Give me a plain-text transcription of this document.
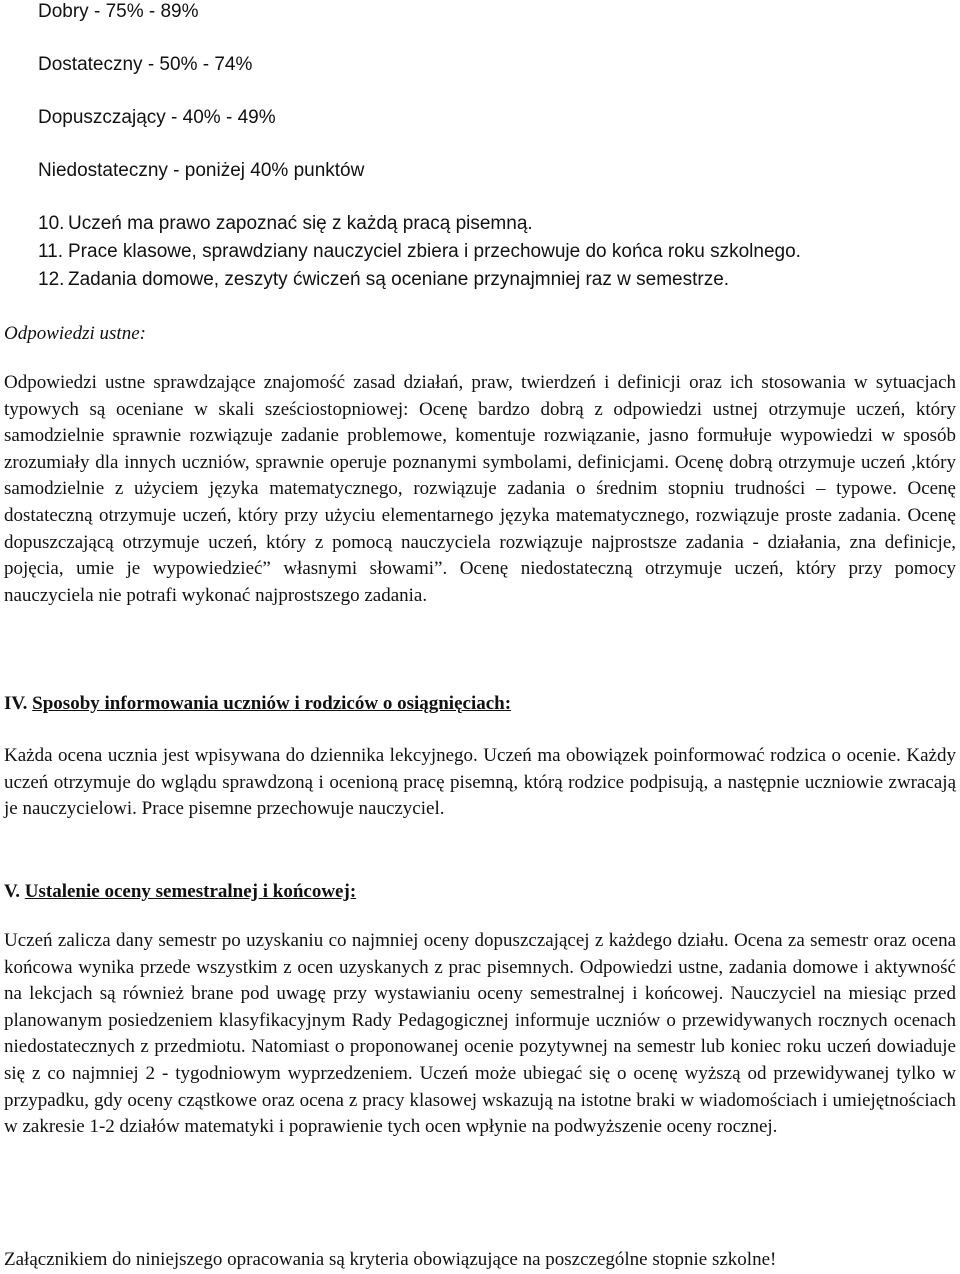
Dobry - 75% - 89%

Dostateczny - 50% - 74%

Dopuszczający - 40% - 49%

Niedostateczny - poniżej 40% punktów

10. Uczeń ma prawo zapoznać się z każdą pracą pisemną.

11. Prace klasowe, sprawdziany nauczyciel zbiera i przechowuje do końca roku szkolnego.

12. Zadania domowe, zeszyty ćwiczeń są oceniane przynajmniej raz w semestrze.

Odpowiedzi ustne:

Odpowiedzi ustne sprawdzające znajomość zasad działań, praw, twierdzeń i definicji oraz ich stosowania w sytuacjach typowych są oceniane w skali sześciostopniowej: Ocenę bardzo dobrą z odpowiedzi ustnej otrzymuje uczeń, który samodzielnie sprawnie rozwiązuje zadanie problemowe, komentuje rozwiązanie, jasno formułuje wypowiedzi w sposób zrozumiały dla innych uczniów, sprawnie operuje poznanymi symbolami, definicjami. Ocenę dobrą otrzymuje uczeń ,który samodzielnie z użyciem języka matematycznego, rozwiązuje zadania o średnim stopniu trudności – typowe. Ocenę dostateczną otrzymuje uczeń, który przy użyciu elementarnego języka matematycznego, rozwiązuje proste zadania. Ocenę dopuszczającą otrzymuje uczeń, który z pomocą nauczyciela rozwiązuje najprostsze zadania - działania, zna definicje, pojęcia, umie je wypowiedzieć” własnymi słowami”. Ocenę niedostateczną otrzymuje uczeń, który przy pomocy nauczyciela nie potrafi wykonać najprostszego zadania.

IV. Sposoby informowania uczniów i rodziców o osiągnięciach:

Każda ocena ucznia jest wpisywana do dziennika lekcyjnego. Uczeń ma obowiązek poinformować rodzica o ocenie. Każdy uczeń otrzymuje do wglądu sprawdzoną i ocenioną pracę pisemną, którą rodzice podpisują, a następnie uczniowie zwracają je nauczycielowi. Prace pisemne przechowuje nauczyciel.

V. Ustalenie oceny semestralnej i końcowej:

Uczeń zalicza dany semestr po uzyskaniu co najmniej oceny dopuszczającej z każdego działu. Ocena za semestr oraz ocena końcowa wynika przede wszystkim z ocen uzyskanych z prac pisemnych. Odpowiedzi ustne, zadania domowe i aktywność na lekcjach są również brane pod uwagę przy wystawianiu oceny semestralnej i końcowej. Nauczyciel na miesiąc przed planowanym posiedzeniem klasyfikacyjnym Rady Pedagogicznej informuje uczniów o przewidywanych rocznych ocenach niedostatecznych z przedmiotu. Natomiast o proponowanej ocenie pozytywnej na semestr lub koniec roku uczeń dowiaduje się z co najmniej 2 - tygodniowym wyprzedzeniem. Uczeń może ubiegać się o ocenę wyższą od przewidywanej tylko w przypadku, gdy oceny cząstkowe oraz ocena z pracy klasowej wskazują na istotne braki w wiadomościach i umiejętnościach w zakresie 1-2 działów matematyki i poprawienie tych ocen wpłynie na podwyższenie oceny rocznej.

Załącznikiem do niniejszego opracowania są kryteria obowiązujące na poszczególne stopnie szkolne!
